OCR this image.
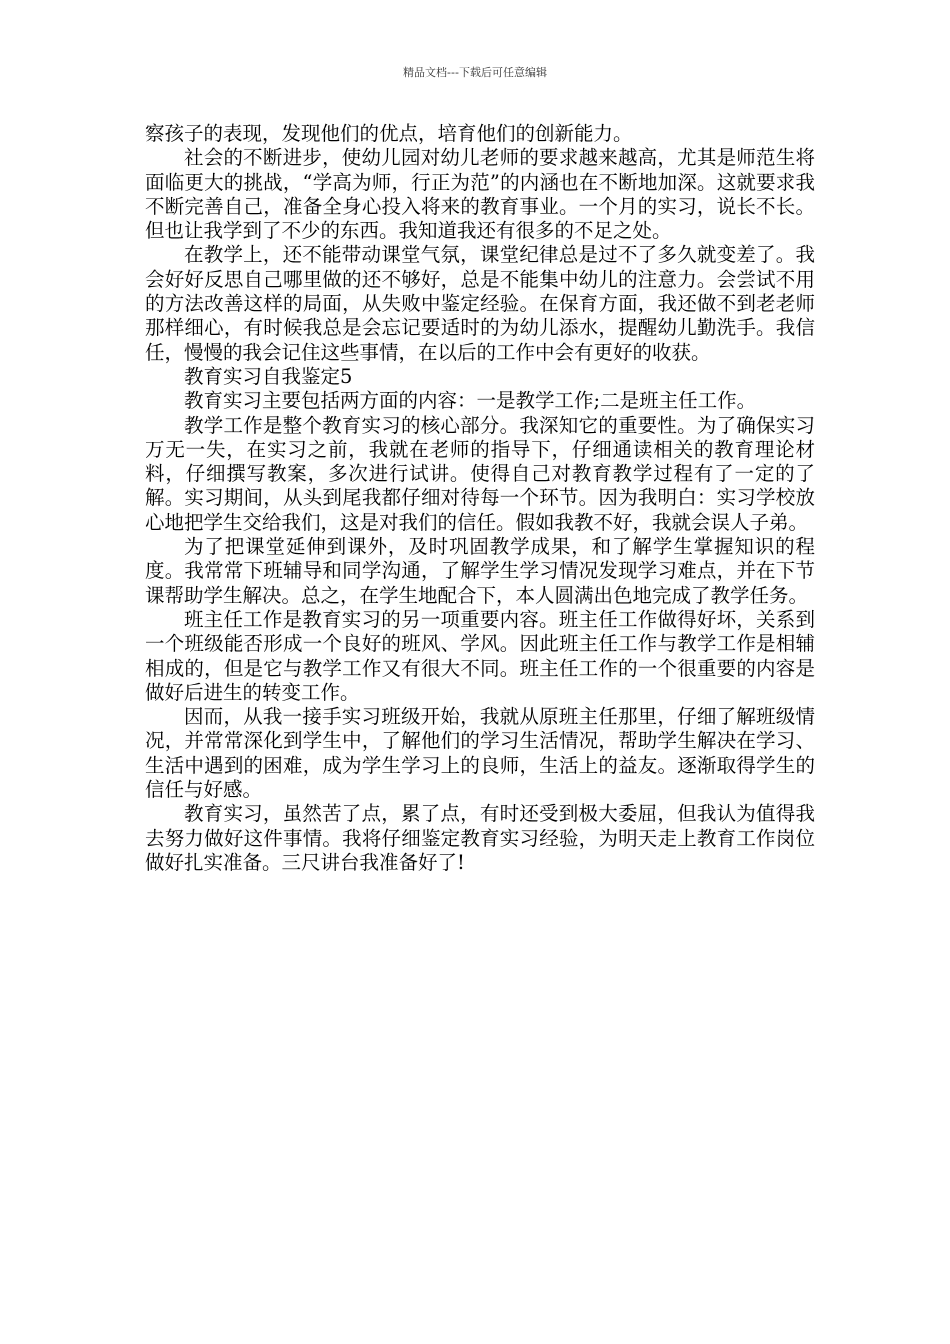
精品文档---下载后可任意编辑

察孩子的表现，发现他们的优点，培育他们的创新能力。

社会的不断进步，使幼儿园对幼儿老师的要求越来越高，尤其是师范生将面临更大的挑战，“学高为师，行正为范”的内涵也在不断地加深。这就要求我不断完善自己，准备全身心投入将来的教育事业。一个月的实习，说长不长。但也让我学到了不少的东西。我知道我还有很多的不足之处。

在教学上，还不能带动课堂气氛，课堂纪律总是过不了多久就变差了。我会好好反思自己哪里做的还不够好，总是不能集中幼儿的注意力。会尝试不用的方法改善这样的局面，从失败中鉴定经验。在保育方面，我还做不到老老师那样细心，有时候我总是会忘记要适时的为幼儿添水，提醒幼儿勤洗手。我信任，慢慢的我会记住这些事情，在以后的工作中会有更好的收获。

教育实习自我鉴定5

教育实习主要包括两方面的内容：一是教学工作;二是班主任工作。

教学工作是整个教育实习的核心部分。我深知它的重要性。为了确保实习万无一失，在实习之前，我就在老师的指导下，仔细通读相关的教育理论材料，仔细撰写教案，多次进行试讲。使得自己对教育教学过程有了一定的了解。实习期间，从头到尾我都仔细对待每一个环节。因为我明白：实习学校放心地把学生交给我们，这是对我们的信任。假如我教不好，我就会误人子弟。

为了把课堂延伸到课外，及时巩固教学成果，和了解学生掌握知识的程度。我常常下班辅导和同学沟通，了解学生学习情况发现学习难点，并在下节课帮助学生解决。总之，在学生地配合下，本人圆满出色地完成了教学任务。

班主任工作是教育实习的另一项重要内容。班主任工作做得好坏，关系到一个班级能否形成一个良好的班风、学风。因此班主任工作与教学工作是相辅相成的，但是它与教学工作又有很大不同。班主任工作的一个很重要的内容是做好后进生的转变工作。

因而，从我一接手实习班级开始，我就从原班主任那里，仔细了解班级情况，并常常深化到学生中，了解他们的学习生活情况，帮助学生解决在学习、生活中遇到的困难，成为学生学习上的良师，生活上的益友。逐渐取得学生的信任与好感。

教育实习，虽然苦了点，累了点，有时还受到极大委屈，但我认为值得我去努力做好这件事情。我将仔细鉴定教育实习经验，为明天走上教育工作岗位做好扎实准备。三尺讲台我准备好了!
